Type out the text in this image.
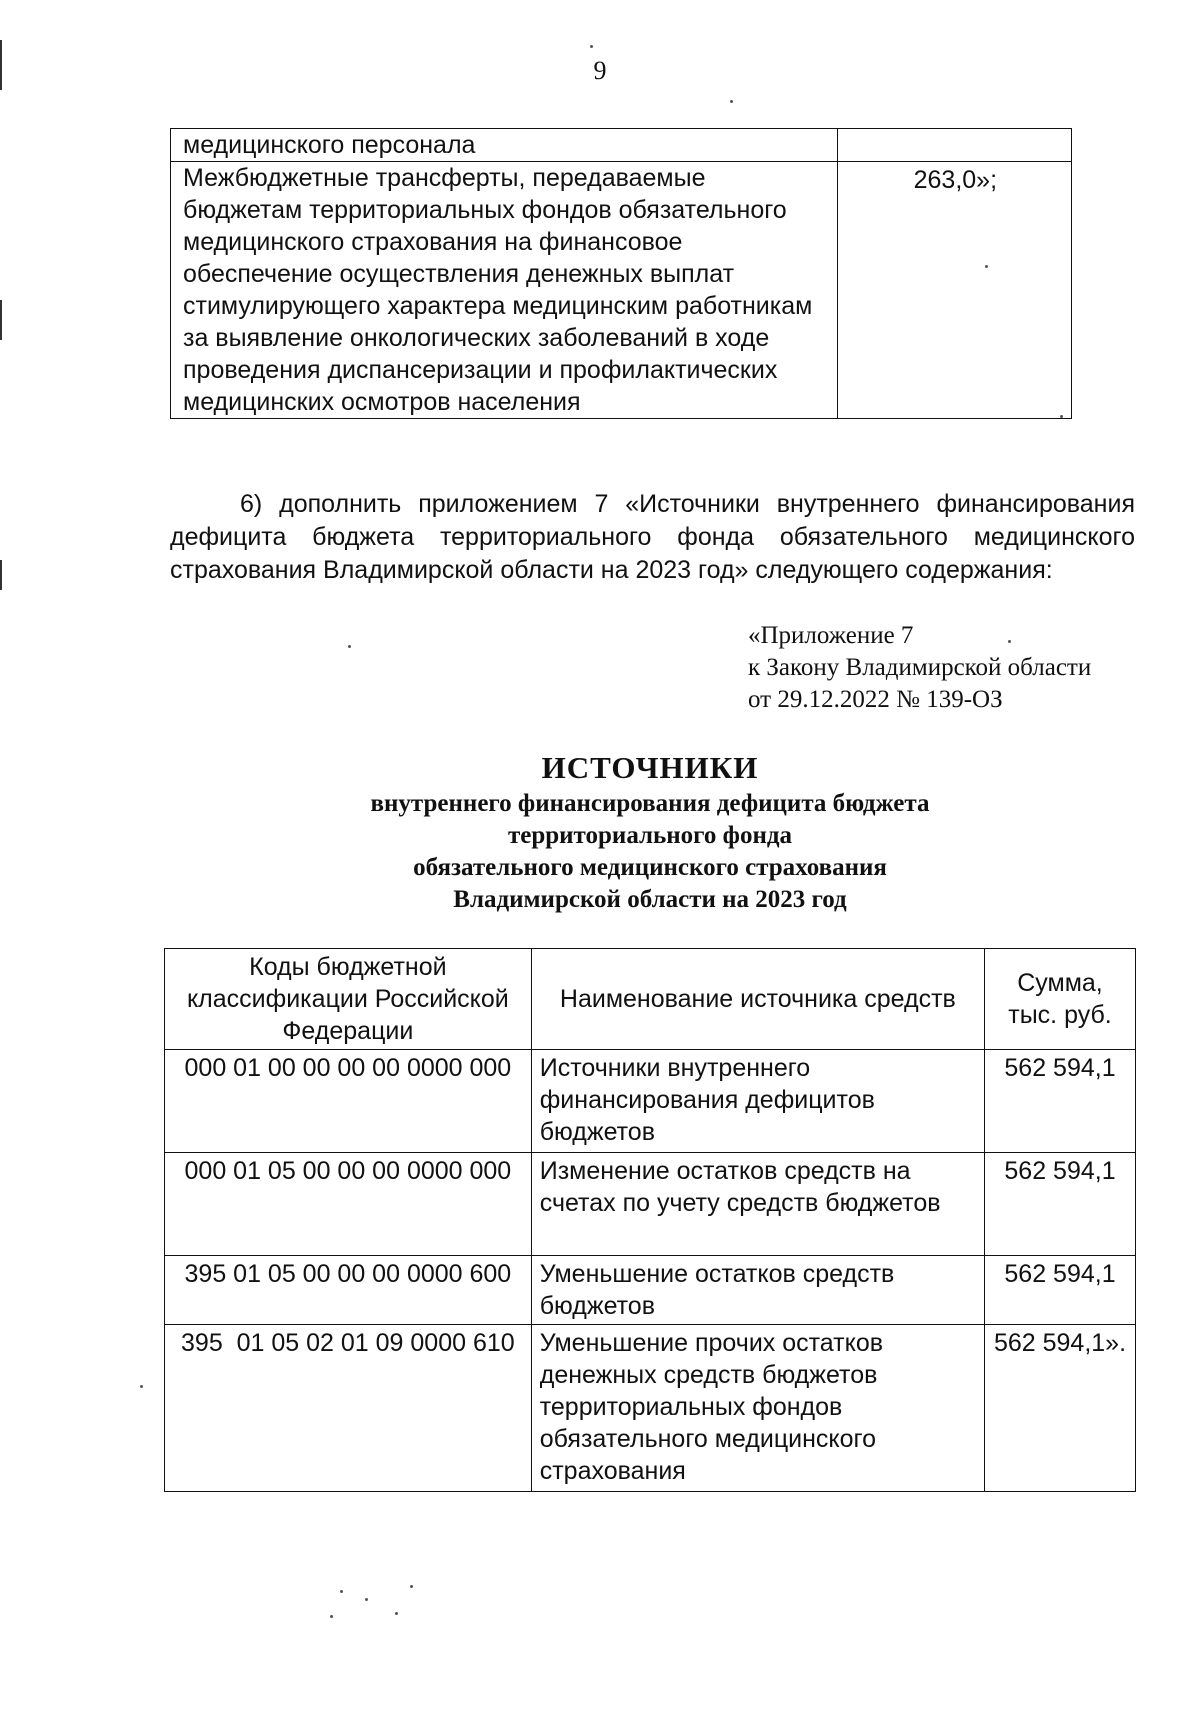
9
медицинского персонала	
Межбюджетные трансферты, передаваемые бюджетам территориальных фондов обязательного медицинского страхования на финансовое обеспечение осуществления денежных выплат стимулирующего характера медицинским работникам за выявление онкологических заболеваний в ходе проведения диспансеризации и профилактических медицинских осмотров населения	263,0»;
6) дополнить приложением 7 «Источники внутреннего финансирования дефицита бюджета территориального фонда обязательного медицинского страхования Владимирской области на 2023 год» следующего содержания:
«Приложение 7
к Закону Владимирской области
от 29.12.2022 № 139-ОЗ
ИСТОЧНИКИ
внутреннего финансирования дефицита бюджета
территориального фонда
обязательного медицинского страхования
Владимирской области на 2023 год
Коды бюджетной классификации Российской Федерации	Наименование источника средств	Сумма, тыс. руб.
000 01 00 00 00 00 0000 000	Источники внутреннего финансирования дефицитов бюджетов	562 594,1
000 01 05 00 00 00 0000 000	Изменение остатков средств на счетах по учету средств бюджетов	562 594,1
395 01 05 00 00 00 0000 600	Уменьшение остатков средств бюджетов	562 594,1
395  01 05 02 01 09 0000 610	Уменьшение прочих остатков денежных средств бюджетов территориальных фондов обязательного медицинского страхования	562 594,1».
